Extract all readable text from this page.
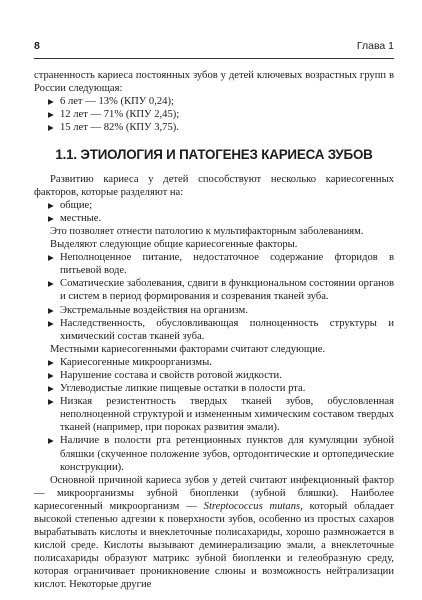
8	Глава 1

страненность кариеса постоянных зубов у детей ключевых возрастных групп в России следующая:

▶ 6 лет — 13% (КПУ 0,24);
▶ 12 лет — 71% (КПУ 2,45);
▶ 15 лет — 82% (КПУ 3,75).
1.1. ЭТИОЛОГИЯ И ПАТОГЕНЕЗ КАРИЕСА ЗУБОВ

Развитию кариеса у детей способствуют несколько кариесогенных факторов, которые разделяют на:

▶ общие;
▶ местные.

Это позволяет отнести патологию к мультифакторным заболеваниям.

Выделяют следующие общие кариесогенные факторы.

▶ Неполноценное питание, недостаточное содержание фторидов в питьевой воде.
▶ Соматические заболевания, сдвиги в функциональном состоянии органов и систем в период формирования и созревания тканей зуба.
▶ Экстремальные воздействия на организм.
▶ Наследственность, обусловливающая полноценность структуры и химический состав тканей зуба.

Местными кариесогенными факторами считают следующие.

▶ Кариесогенные микроорганизмы.
▶ Нарушение состава и свойств ротовой жидкости.
▶ Углеводистые липкие пищевые остатки в полости рта.
▶ Низкая резистентность твердых тканей зубов, обусловленная неполноценной структурой и измененным химическим составом твердых тканей (например, при пороках развития эмали).
▶ Наличие в полости рта ретенционных пунктов для кумуляции зубной бляшки (скученное положение зубов, ортодонтические и ортопедические конструкции).

Основной причиной кариеса зубов у детей считают инфекционный фактор — микроорганизмы зубной биопленки (зубной бляшки). Наиболее кариесогенный микроорганизм — Streptococcus mutans, который обладает высокой степенью адгезии к поверхности зубов, особенно из простых сахаров вырабатывать кислоты и внеклеточные полисахариды, хорошо размножается в кислой среде. Кислоты вызывают деминерализацию эмали, а внеклеточные полисахариды образуют матрикс зубной биопленки и гелеобразную среду, которая ограничивает проникновение слюны и возможность нейтрализации кислот. Некоторые другие
